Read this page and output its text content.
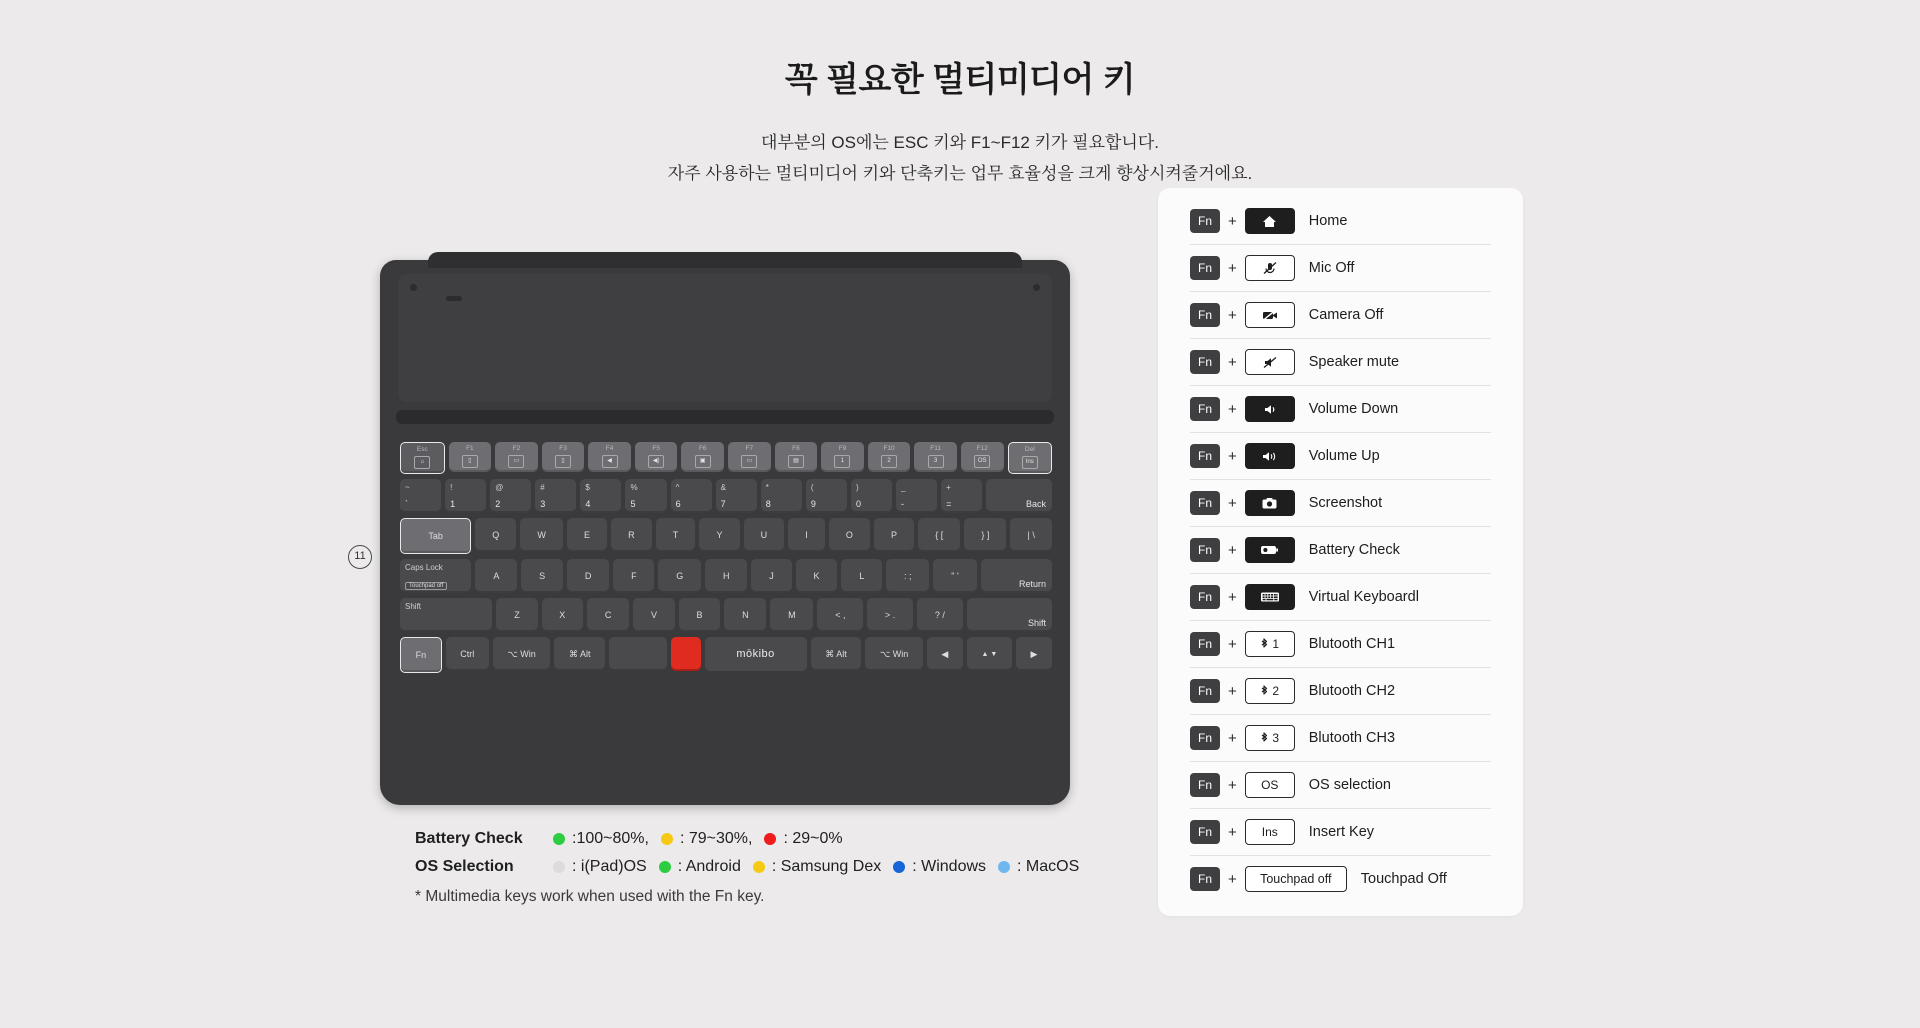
꼭 필요한 멀티미디어 키
대부분의 OS에는 ESC 키와 F1~F12 키가 필요합니다.
자주 사용하는 멀티미디어 키와 단축키는 업무 효율성을 크게 향상시켜줄거에요.
11
Esc
⌂
F1
▯
F2
▭
F3
▯
F4
◀
F5
◀)
F6
▣
F7
▭
F8
▤
F9
1
F10
2
F11
3
F12
OS
Del
Ins
~
`
!
1
@
2
#
3
$
4
%
5
^
6
&
7
*
8
(
9
)
0
_
-
+
=	Back
Tab	Q	W	E	R	T	Y	U	I	O	P	{ [	} ]	| \
Caps Lock
Touchpad off
A	S	D	F	G	H	J	K	L	: ;	" '
Return
Shift
Z	X	C	V	B	N	M	< ,	> .	? /
Shift
Fn	Ctrl	⌥ Win	⌘ Alt	mōkibo	⌘ Alt	⌥ Win	◀	▲ ▼	▶
Battery Check	:100~80%, : 79~30%, : 29~0%
OS Selection	: i(Pad)OS : Android : Samsung Dex : Windows : MacOS
* Multimedia keys work when used with the Fn key.
Fn	+	Home
Fn	+	Mic Off
Fn	+	Camera Off
Fn	+	Speaker mute
Fn	+	Volume Down
Fn	+	Volume Up
Fn	+	Screenshot
Fn	+	Battery Check
Fn	+	Virtual Keyboardl
Fn	+	1 Blutooth CH1
Fn	+	2 Blutooth CH2
Fn	+	3 Blutooth CH3
Fn	+	OS	OS selection
Fn	+	Ins	Insert Key
Fn	+	Touchpad off	Touchpad Off
